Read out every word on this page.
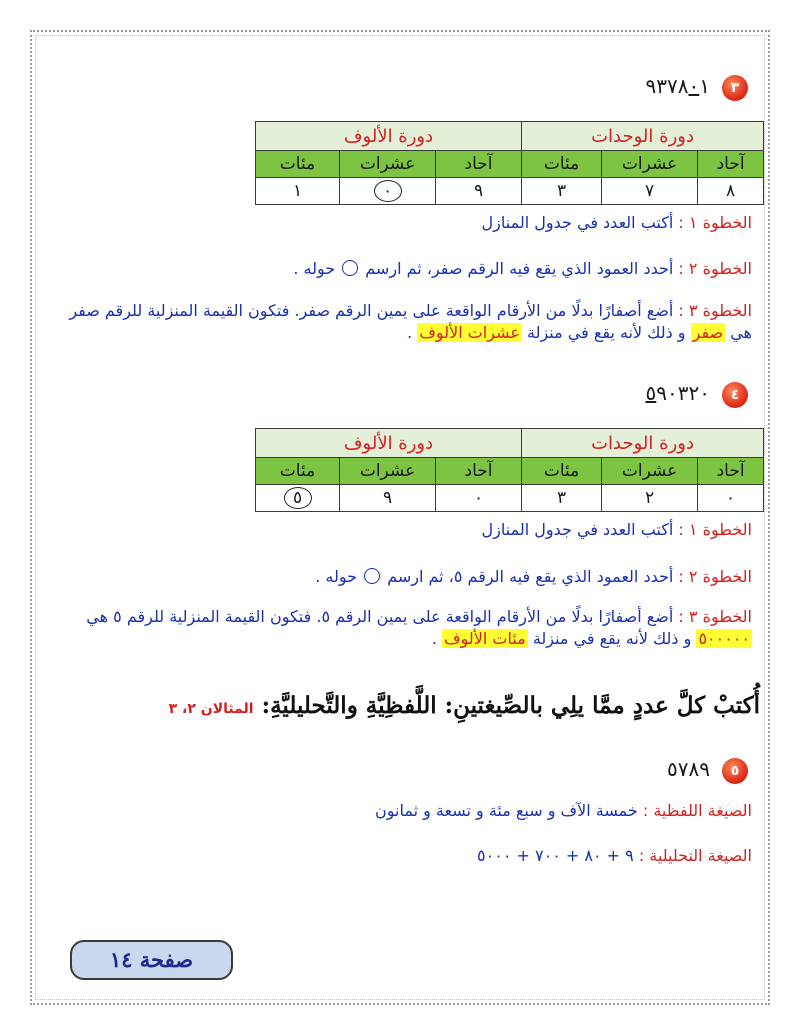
٣
٩٣٧٨٠١
دورة الوحدات			دورة الألوف		
آحاد	عشرات	مئات	آحاد	عشرات	مئات
٨	٧	٣	٩	٠	١
الخطوة ١ : أكتب العدد في جدول المنازل
الخطوة ٢ : أحدد العمود الذي يقع فيه الرقم صفر، ثم ارسم  حوله .
الخطوة ٣ : أضع أصفارًا بدلًا من الأرقام الواقعة على يمين الرقم صفر. فتكون القيمة المنزلية للرقم صفر هي صفر و ذلك لأنه يقع في منزلة عشرات الألوف .
٤
٥٩٠٣٢٠
دورة الوحدات			دورة الألوف		
آحاد	عشرات	مئات	آحاد	عشرات	مئات
٠	٢	٣	٠	٩	٥
الخطوة ١ : أكتب العدد في جدول المنازل
الخطوة ٢ : أحدد العمود الذي يقع فيه الرقم ٥، ثم ارسم  حوله .
الخطوة ٣ : أضع أصفارًا بدلًا من الأرقام الواقعة على يمين الرقم ٥. فتكون القيمة المنزلية للرقم ٥ هي ٥٠٠٠٠٠ و ذلك لأنه يقع في منزلة مئات الألوف .
أُكتبْ كلَّ عددٍ ممَّا يلِي بالصِّيغتينِ: اللَّفظِيَّةِ والتَّحليليَّةِ: المثالان ٢، ٣
٥
٥٧٨٩
الصيغة اللفظية : خمسة الآف و سبع مئة و تسعة و ثمانون
الصيغة التحليلية : ٩ + ٨٠ + ٧٠٠ + ٥٠٠٠
صفحة ١٤
